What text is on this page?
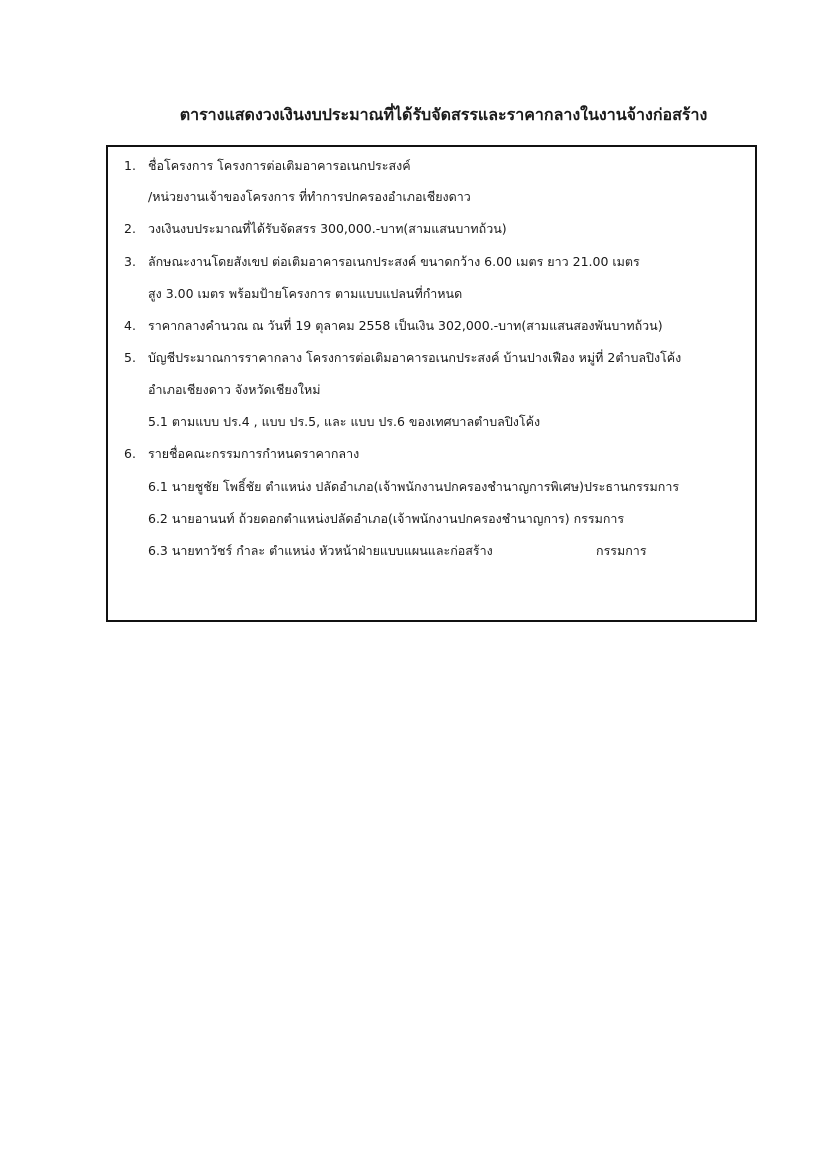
ตารางแสดงวงเงินงบประมาณที่ได้รับจัดสรรและราคากลางในงานจ้างก่อสร้าง
1. ชื่อโครงการ โครงการต่อเติมอาคารอเนกประสงค์
/หน่วยงานเจ้าของโครงการ ที่ทำการปกครองอำเภอเชียงดาว
2. วงเงินงบประมาณที่ได้รับจัดสรร 300,000.-บาท(สามแสนบาทถ้วน)
3. ลักษณะงานโดยสังเขป ต่อเติมอาคารอเนกประสงค์ ขนาดกว้าง 6.00 เมตร ยาว 21.00 เมตร
สูง 3.00 เมตร พร้อมป้ายโครงการ ตามแบบแปลนที่กำหนด
4. ราคากลางคำนวณ ณ วันที่ 19 ตุลาคม 2558 เป็นเงิน 302,000.-บาท(สามแสนสองพันบาทถ้วน)
5. บัญชีประมาณการราคากลาง โครงการต่อเติมอาคารอเนกประสงค์ บ้านปางเฟือง หมู่ที่ 2ตำบลปิงโค้ง
อำเภอเชียงดาว จังหวัดเชียงใหม่
5.1 ตามแบบ ปร.4 , แบบ ปร.5, และ แบบ ปร.6 ของเทศบาลตำบลปิงโค้ง
6. รายชื่อคณะกรรมการกำหนดราคากลาง
6.1 นายชูชัย โพธิ์ชัย ตำแหน่ง ปลัดอำเภอ(เจ้าพนักงานปกครองชำนาญการพิเศษ)ประธานกรรมการ
6.2 นายอานนท์ ถ้วยดอกตำแหน่งปลัดอำเภอ(เจ้าพนักงานปกครองชำนาญการ) กรรมการ
6.3 นายทาวัชร์ กำละ ตำแหน่ง หัวหน้าฝ่ายแบบแผนและก่อสร้าง	กรรมการ
